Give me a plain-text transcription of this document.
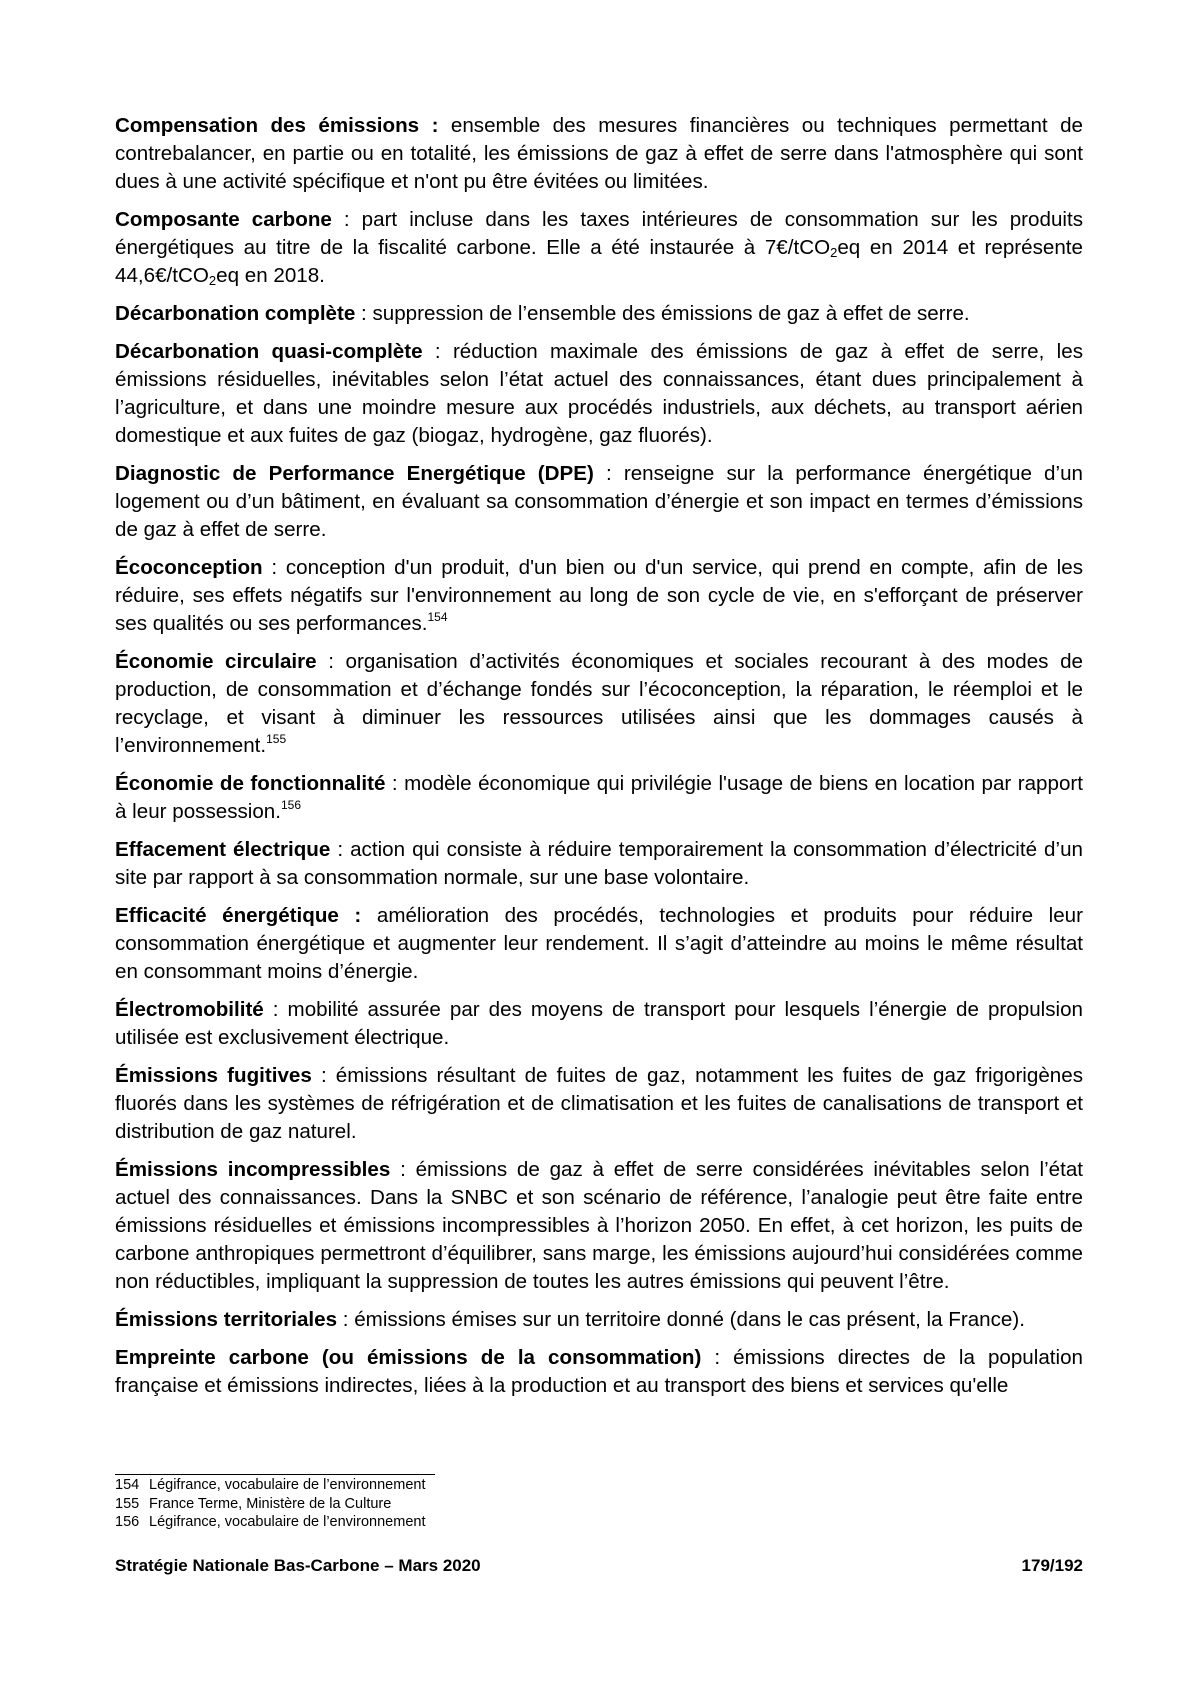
Compensation des émissions : ensemble des mesures financières ou techniques permettant de contrebalancer, en partie ou en totalité, les émissions de gaz à effet de serre dans l'atmosphère qui sont dues à une activité spécifique et n'ont pu être évitées ou limitées.

Composante carbone : part incluse dans les taxes intérieures de consommation sur les produits énergétiques au titre de la fiscalité carbone. Elle a été instaurée à 7€/tCO$_2$eq en 2014 et représente 44,6€/tCO$_2$eq en 2018.

Décarbonation complète : suppression de l’ensemble des émissions de gaz à effet de serre.

Décarbonation quasi-complète : réduction maximale des émissions de gaz à effet de serre, les émissions résiduelles, inévitables selon l’état actuel des connaissances, étant dues principalement à l’agriculture, et dans une moindre mesure aux procédés industriels, aux déchets, au transport aérien domestique et aux fuites de gaz (biogaz, hydrogène, gaz fluorés).

Diagnostic de Performance Energétique (DPE) : renseigne sur la performance énergétique d’un logement ou d’un bâtiment, en évaluant sa consommation d’énergie et son impact en termes d’émissions de gaz à effet de serre.

Écoconception : conception d'un produit, d'un bien ou d'un service, qui prend en compte, afin de les réduire, ses effets négatifs sur l'environnement au long de son cycle de vie, en s'efforçant de préserver ses qualités ou ses performances.$^{154}$

Économie circulaire : organisation d’activités économiques et sociales recourant à des modes de production, de consommation et d’échange fondés sur l’écoconception, la réparation, le réemploi et le recyclage, et visant à diminuer les ressources utilisées ainsi que les dommages causés à l’environnement.$^{155}$

Économie de fonctionnalité : modèle économique qui privilégie l'usage de biens en location par rapport à leur possession.$^{156}$

Effacement électrique : action qui consiste à réduire temporairement la consommation d’électricité d’un site par rapport à sa consommation normale, sur une base volontaire.

Efficacité énergétique : amélioration des procédés, technologies et produits pour réduire leur consommation énergétique et augmenter leur rendement. Il s’agit d’atteindre au moins le même résultat en consommant moins d’énergie.

Électromobilité : mobilité assurée par des moyens de transport pour lesquels l’énergie de propulsion utilisée est exclusivement électrique.

Émissions fugitives : émissions résultant de fuites de gaz, notamment les fuites de gaz frigorigènes fluorés dans les systèmes de réfrigération et de climatisation et les fuites de canalisations de transport et distribution de gaz naturel.

Émissions incompressibles : émissions de gaz à effet de serre considérées inévitables selon l’état actuel des connaissances. Dans la SNBC et son scénario de référence, l’analogie peut être faite entre émissions résiduelles et émissions incompressibles à l’horizon 2050. En effet, à cet horizon, les puits de carbone anthropiques permettront d’équilibrer, sans marge, les émissions aujourd’hui considérées comme non réductibles, impliquant la suppression de toutes les autres émissions qui peuvent l’être.

Émissions territoriales : émissions émises sur un territoire donné (dans le cas présent, la France).

Empreinte carbone (ou émissions de la consommation) : émissions directes de la population française et émissions indirectes, liées à la production et au transport des biens et services qu'elle

154 Légifrance, vocabulaire de l’environnement
155 France Terme, Ministère de la Culture
156 Légifrance, vocabulaire de l’environnement
Stratégie Nationale Bas-Carbone – Mars 2020	179/192
